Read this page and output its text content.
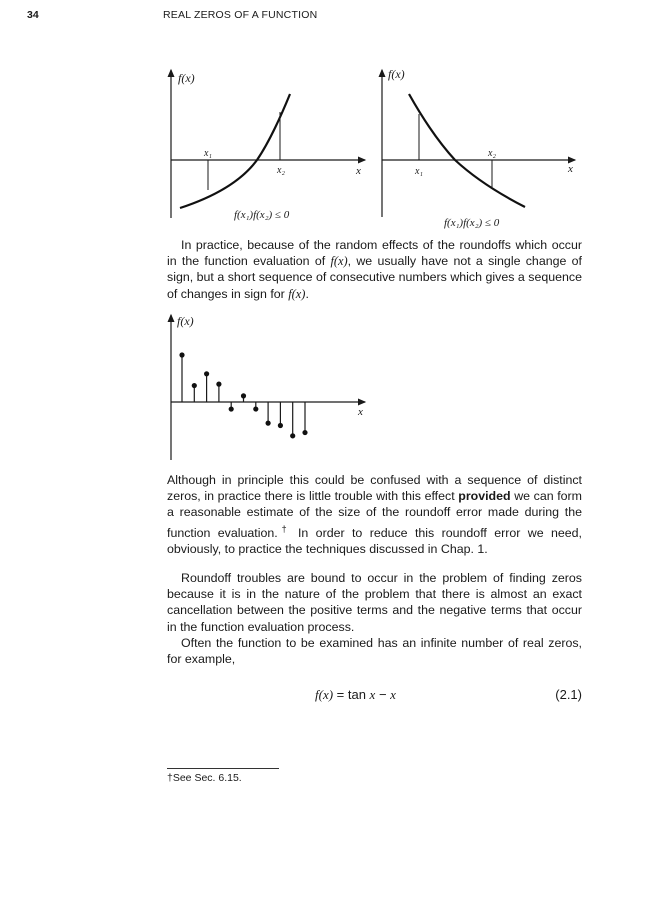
34	REAL ZEROS OF A FUNCTION
f(x)
x
x₁
x₂
f(x₁)f(x₂) ≤ 0
f(x)
x
x₁
x₂
f(x₁)f(x₂) ≤ 0
In practice, because of the random effects of the roundoffs which occur in the function evaluation of f(x), we usually have not a single change of sign, but a short sequence of consecutive numbers which gives a sequence of changes in sign for f(x).
f(x)
x
Although in principle this could be confused with a sequence of distinct zeros, in practice there is little trouble with this effect provided we can form a reasonable estimate of the size of the roundoff error made during the function evaluation.† In order to reduce this roundoff error we need, obviously, to practice the techniques discussed in Chap. 1.
Roundoff troubles are bound to occur in the problem of finding zeros because it is in the nature of the problem that there is almost an exact cancellation between the positive terms and the negative terms that occur in the function evaluation process.
Often the function to be examined has an infinite number of real zeros, for example,
f(x) = tan x − x	(2.1)
†See Sec. 6.15.
